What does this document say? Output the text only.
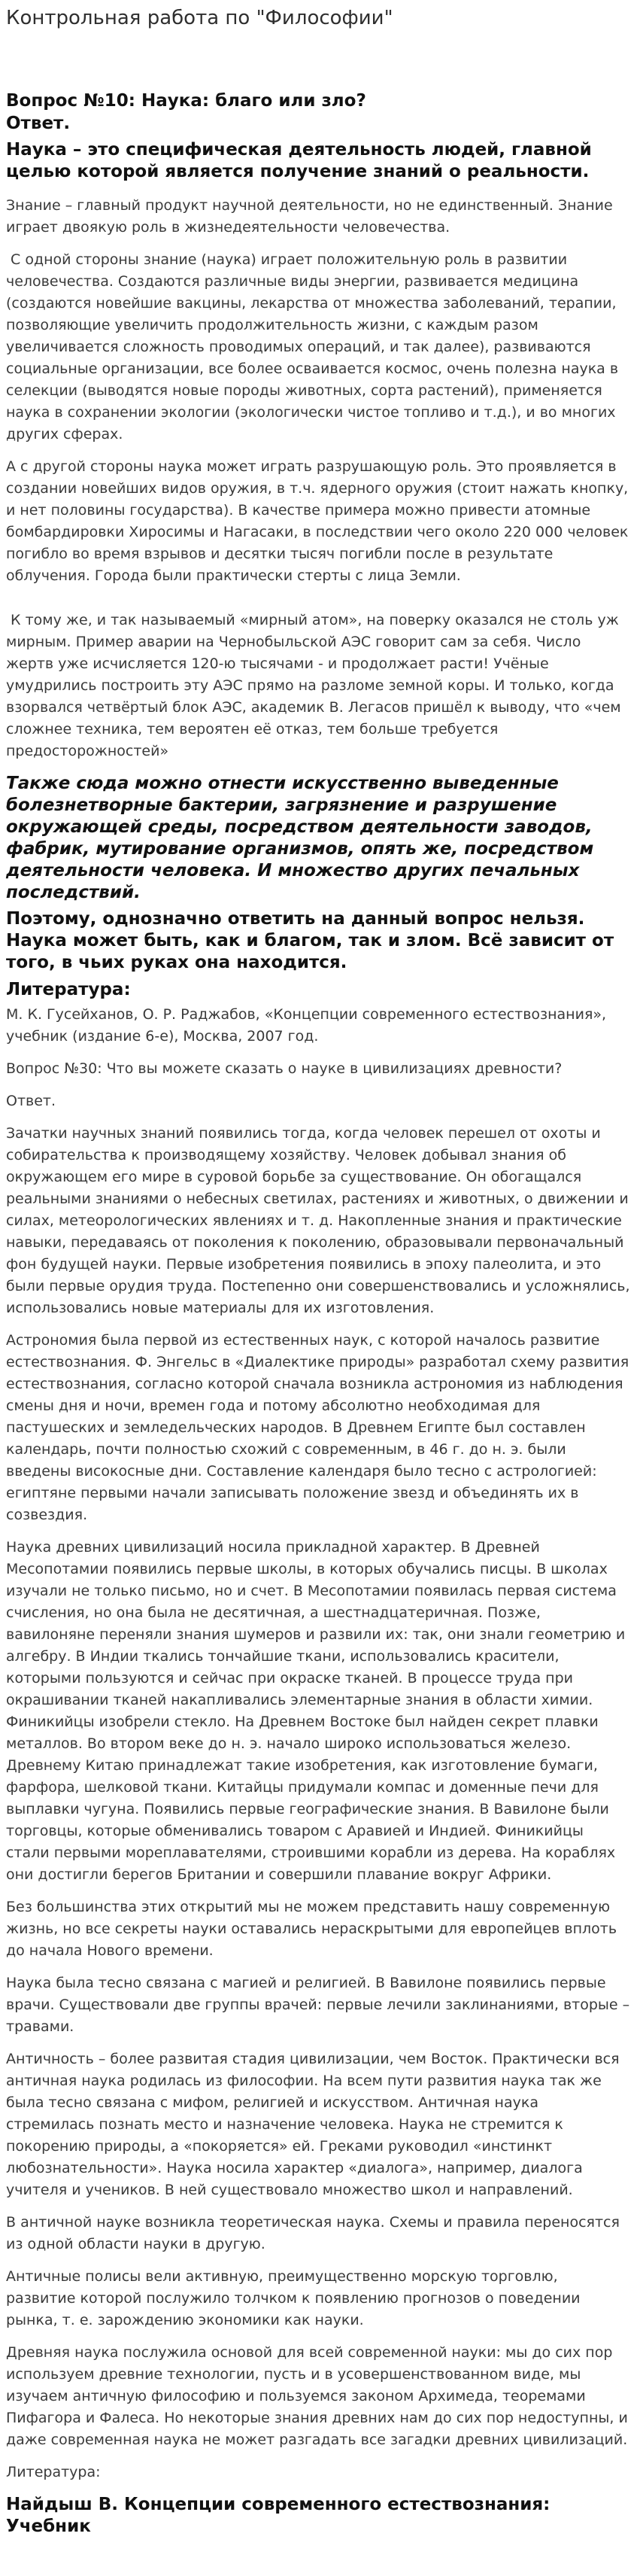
Контрольная работа по "Философии"
Вопрос №10: Наука: благо или зло?
Ответ.
Наука – это специфическая деятельность людей, главной целью которой является получение знаний о реальности.

Знание – главный продукт научной деятельности, но не единственный. Знание играет двоякую роль в жизнедеятельности человечества.

С одной стороны знание (наука) играет положительную роль в развитии человечества. Создаются различные виды энергии, развивается медицина (создаются новейшие вакцины, лекарства от множества заболеваний, терапии, позволяющие увеличить продолжительность жизни, с каждым разом увеличивается сложность проводимых операций, и так далее), развиваются социальные организации, все более осваивается космос, очень полезна наука в селекции (выводятся новые породы животных, сорта растений), применяется наука в сохранении экологии (экологически чистое топливо и т.д.), и во многих других сферах.

А с другой стороны наука может играть разрушающую роль. Это проявляется в создании новейших видов оружия, в т.ч. ядерного оружия (стоит нажать кнопку, и нет половины государства). В качестве примера можно привести атомные бомбардировки Хиросимы и Нагасаки, в последствии чего около 220 000 человек погибло во время взрывов и десятки тысяч погибли после в результате облучения. Города были практически стерты с лица Земли.

К тому же, и так называемый «мирный атом», на поверку оказался не столь уж мирным. Пример аварии на Чернобыльской АЭС говорит сам за себя. Число жертв уже исчисляется 120-ю тысячами - и продолжает расти! Учёные умудрились построить эту АЭС прямо на разломе земной коры. И только, когда взорвался четвёртый блок АЭС, академик В. Легасов пришёл к выводу, что «чем сложнее техника, тем вероятен её отказ, тем больше требуется предосторожностей»

Также сюда можно отнести искусственно выведенные болезнетворные бактерии, загрязнение и разрушение окружающей среды, посредством деятельности заводов, фабрик, мутирование организмов, опять же, посредством деятельности человека. И множество других печальных последствий.
Поэтому, однозначно ответить на данный вопрос нельзя. Наука может быть, как и благом, так и злом. Всё зависит от того, в чьих руках она находится.
Литература:

М. К. Гусейханов, О. Р. Раджабов, «Концепции современного естествознания», учебник (издание 6-е), Москва, 2007 год.

Вопрос №30: Что вы можете сказать о науке в цивилизациях древности?

Ответ.

Зачатки научных знаний появились тогда, когда человек перешел от охоты и собирательства к производящему хозяйству. Человек добывал знания об окружающем его мире в суровой борьбе за существование. Он обогащался реальными знаниями о небесных светилах, растениях и животных, о движении и силах, метеорологических явлениях и т. д. Накопленные знания и практические навыки, передаваясь от поколения к поколению, образовывали первоначальный фон будущей науки. Первые изобретения появились в эпоху палеолита, и это были первые орудия труда. Постепенно они совершенствовались и усложнялись, использовались новые материалы для их изготовления.

Астрономия была первой из естественных наук, с которой началось развитие естествознания. Ф. Энгельс в «Диалектике природы» разработал схему развития естествознания, согласно которой сначала возникла астрономия из наблюдения смены дня и ночи, времен года и потому абсолютно необходимая для пастушеских и земледельческих народов. В Древнем Египте был составлен календарь, почти полностью схожий с современным, в 46 г. до н. э. были введены високосные дни. Составление календаря было тесно с астрологией: египтяне первыми начали записывать положение звезд и объединять их в созвездия.

Наука древних цивилизаций носила прикладной характер. В Древней Месопотамии появились первые школы, в которых обучались писцы. В школах изучали не только письмо, но и счет. В Месопотамии появилась первая система счисления, но она была не десятичная, а шестнадцатеричная. Позже, вавилоняне переняли знания шумеров и развили их: так, они знали геометрию и алгебру. В Индии ткались тончайшие ткани, использовались красители, которыми пользуются и сейчас при окраске тканей. В процессе труда при окрашивании тканей накапливались элементарные знания в области химии. Финикийцы изобрели стекло. На Древнем Востоке был найден секрет плавки металлов. Во втором веке до н. э. начало широко использоваться железо. Древнему Китаю принадлежат такие изобретения, как изготовление бумаги, фарфора, шелковой ткани. Китайцы придумали компас и доменные печи для выплавки чугуна. Появились первые географические знания. В Вавилоне были торговцы, которые обменивались товаром с Аравией и Индией. Финикийцы стали первыми мореплавателями, строившими корабли из дерева. На кораблях они достигли берегов Британии и совершили плавание вокруг Африки.

Без большинства этих открытий мы не можем представить нашу современную жизнь, но все секреты науки оставались нераскрытыми для европейцев вплоть до начала Нового времени.

Наука была тесно связана с магией и религией. В Вавилоне появились первые врачи. Существовали две группы врачей: первые лечили заклинаниями, вторые – травами.

Античность – более развитая стадия цивилизации, чем Восток. Практически вся античная наука родилась из философии. На всем пути развития наука так же была тесно связана с мифом, религией и искусством. Античная наука стремилась познать место и назначение человека. Наука не стремится к покорению природы, а «покоряется» ей. Греками руководил «инстинкт любознательности». Наука носила характер «диалога», например, диалога учителя и учеников. В ней существовало множество школ и направлений.

В античной науке возникла теоретическая наука. Схемы и правила переносятся из одной области науки в другую.

Античные полисы вели активную, преимущественно морскую торговлю, развитие которой послужило толчком к появлению прогнозов о поведении рынка, т. е. зарождению экономики как науки.

Древняя наука послужила основой для всей современной науки: мы до сих пор используем древние технологии, пусть и в усовершенствованном виде, мы изучаем античную философию и пользуемся законом Архимеда, теоремами Пифагора и Фалеса. Но некоторые знания древних нам до сих пор недоступны, и даже современная наука не может разгадать все загадки древних цивилизаций.

Литература:

Найдыш В. Концепции современного естествознания: Учебник
